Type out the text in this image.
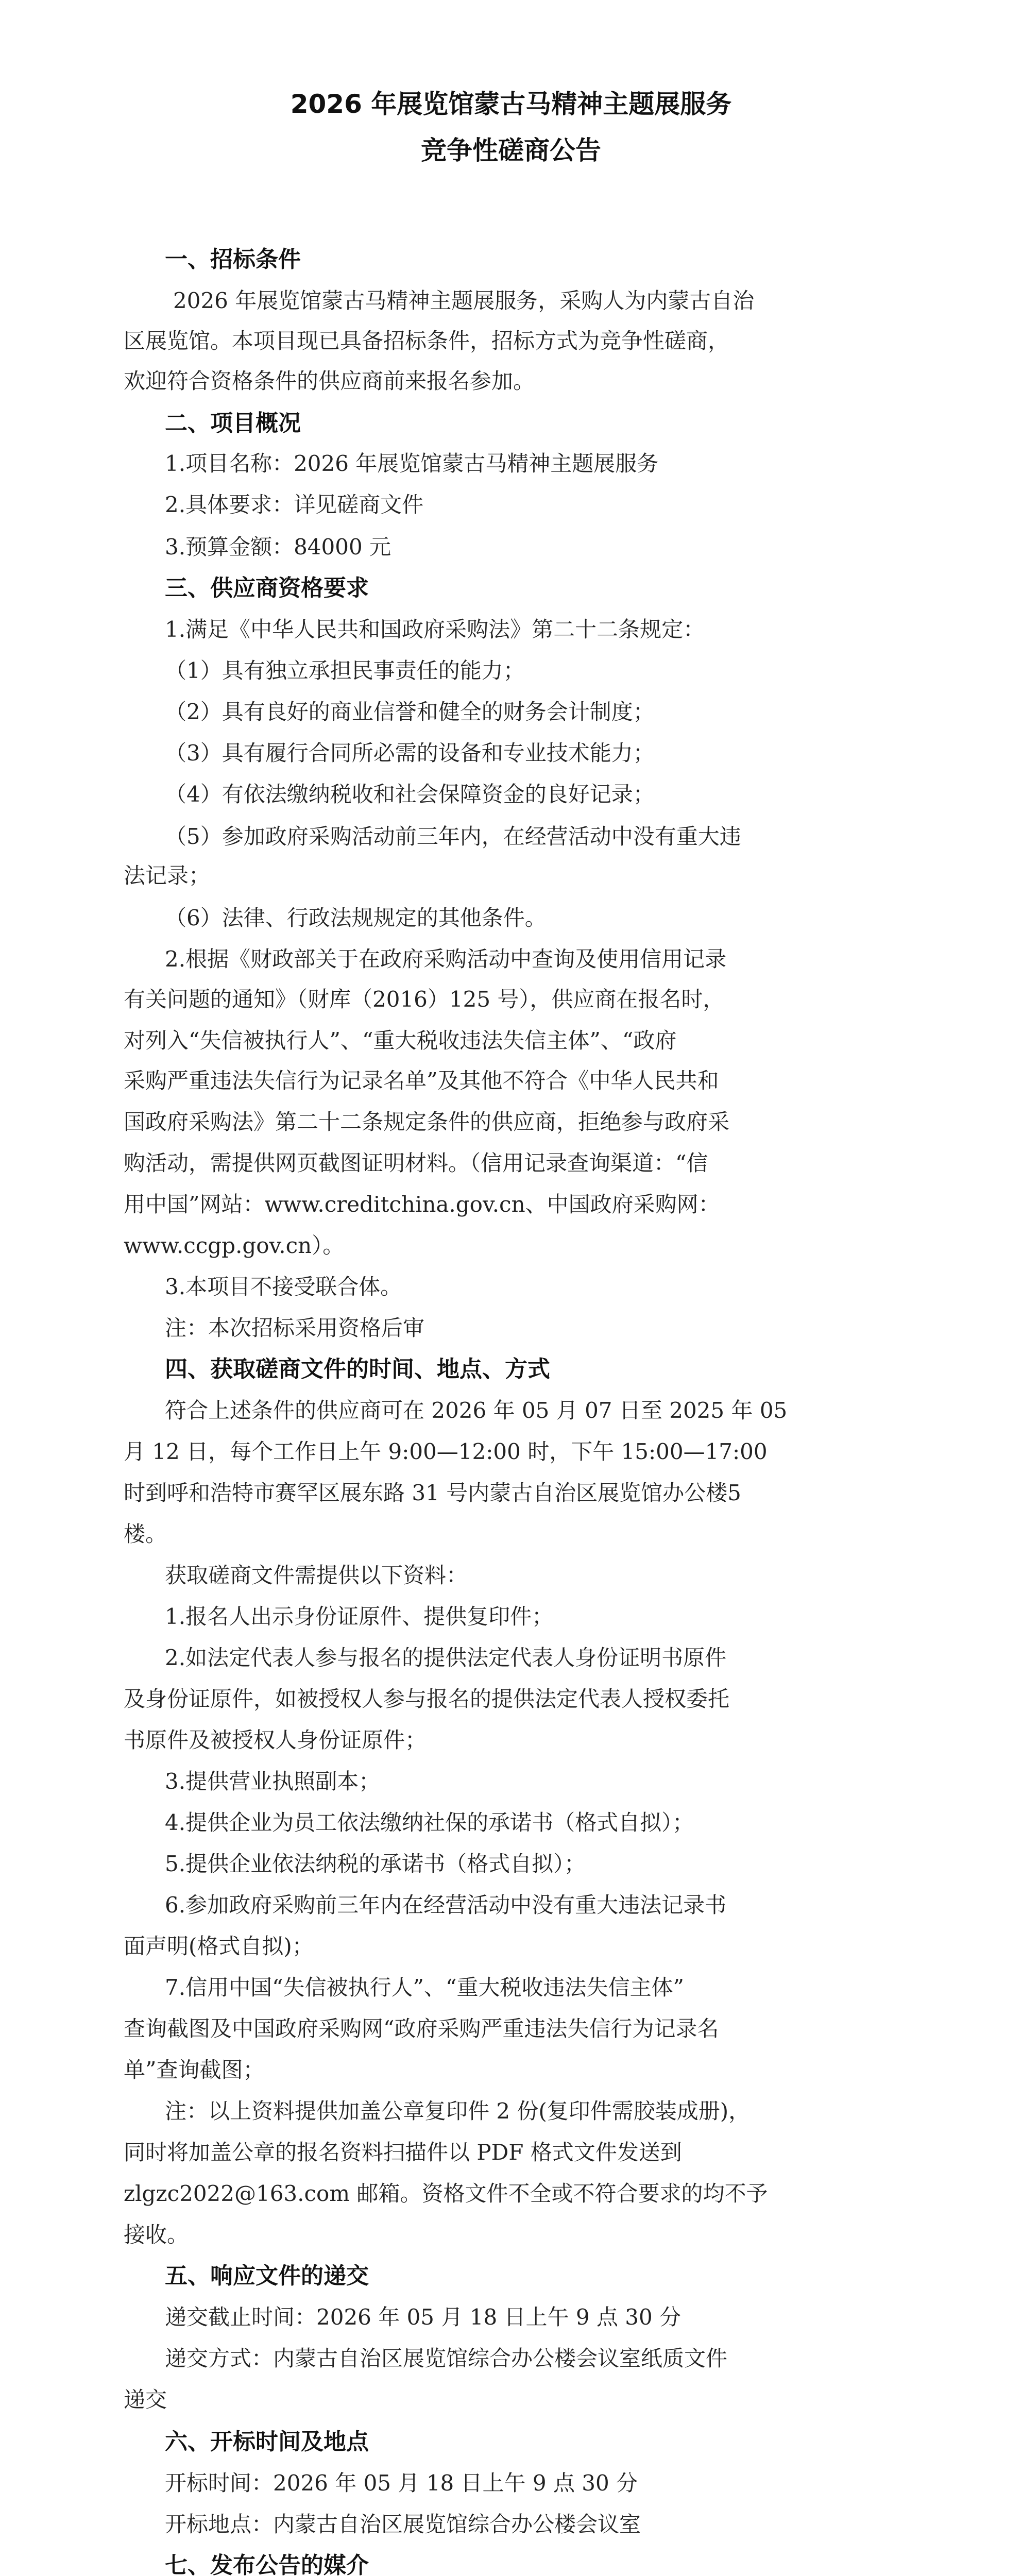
2026 年展览馆蒙古马精神主题展服务
竞争性磋商公告

一、招标条件

2026 年展览馆蒙古马精神主题展服务，采购人为内蒙古自治

区展览馆。本项目现已具备招标条件，招标方式为竞争性磋商，

欢迎符合资格条件的供应商前来报名参加。

二、项目概况

1.项目名称：2026 年展览馆蒙古马精神主题展服务

2.具体要求：详见磋商文件

3.预算金额：84000 元

三、供应商资格要求

1.满足《中华人民共和国政府采购法》第二十二条规定：

（1）具有独立承担民事责任的能力；

（2）具有良好的商业信誉和健全的财务会计制度；

（3）具有履行合同所必需的设备和专业技术能力；

（4）有依法缴纳税收和社会保障资金的良好记录；

（5）参加政府采购活动前三年内，在经营活动中没有重大违

法记录；

（6）法律、行政法规规定的其他条件。

2.根据《财政部关于在政府采购活动中查询及使用信用记录

有关问题的通知》（财库（2016）125 号），供应商在报名时，

对列入“失信被执行人”、“重大税收违法失信主体”、“政府

采购严重违法失信行为记录名单”及其他不符合《中华人民共和

国政府采购法》第二十二条规定条件的供应商，拒绝参与政府采

购活动，需提供网页截图证明材料。（信用记录查询渠道：“信

用中国”网站：www.creditchina.gov.cn、中国政府采购网：

www.ccgp.gov.cn）。

3.本项目不接受联合体。

注：本次招标采用资格后审

四、获取磋商文件的时间、地点、方式

符合上述条件的供应商可在 2026 年 05 月 07 日至 2025 年 05

月 12 日，每个工作日上午 9:00—12:00 时，下午 15:00—17:00

时到呼和浩特市赛罕区展东路 31 号内蒙古自治区展览馆办公楼5

楼。

获取磋商文件需提供以下资料：

1.报名人出示身份证原件、提供复印件；

2.如法定代表人参与报名的提供法定代表人身份证明书原件

及身份证原件，如被授权人参与报名的提供法定代表人授权委托

书原件及被授权人身份证原件；

3.提供营业执照副本；

4.提供企业为员工依法缴纳社保的承诺书（格式自拟）；

5.提供企业依法纳税的承诺书（格式自拟）；

6.参加政府采购前三年内在经营活动中没有重大违法记录书

面声明(格式自拟)；

7.信用中国“失信被执行人”、“重大税收违法失信主体”

查询截图及中国政府采购网“政府采购严重违法失信行为记录名

单”查询截图；

注：以上资料提供加盖公章复印件 2 份(复印件需胶装成册)，

同时将加盖公章的报名资料扫描件以 PDF 格式文件发送到

zlgzc2022@163.com 邮箱。资格文件不全或不符合要求的均不予

接收。

五、响应文件的递交

递交截止时间：2026 年 05 月 18 日上午 9 点 30 分

递交方式：内蒙古自治区展览馆综合办公楼会议室纸质文件

递交

六、开标时间及地点

开标时间：2026 年 05 月 18 日上午 9 点 30 分

开标地点：内蒙古自治区展览馆综合办公楼会议室

七、发布公告的媒介
